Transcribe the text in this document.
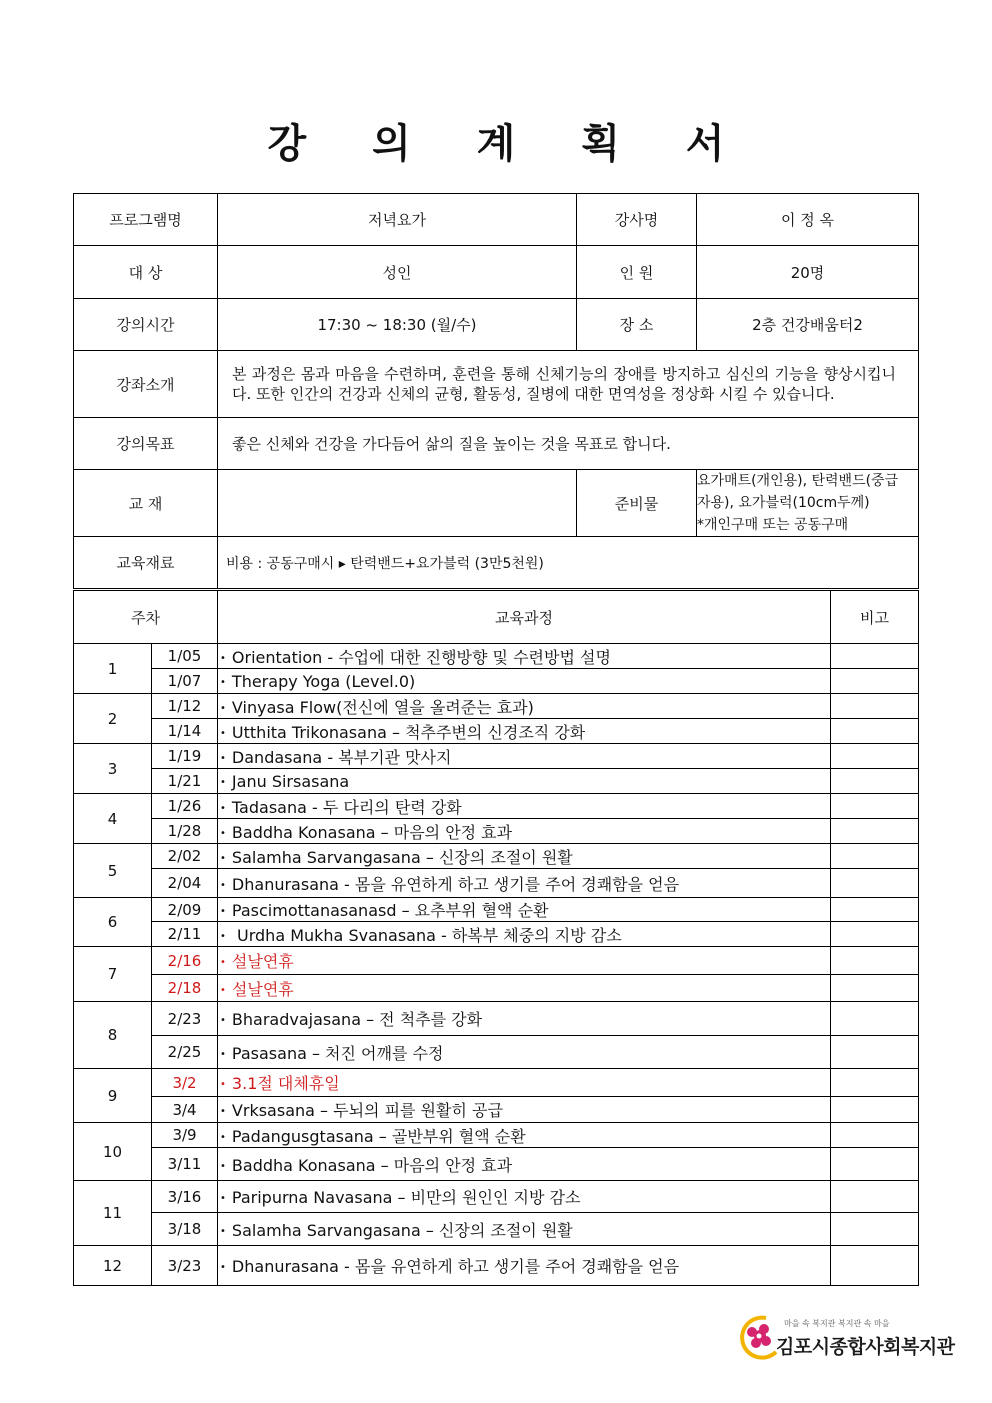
강 의 계 획 서
프로그램명	저녁요가	강사명	이 정 옥
대 상	성인	인 원	20명
강의시간	17:30 ~ 18:30 (월/수)	장 소	2층 건강배움터2
강좌소개	본 과정은 몸과 마음을 수련하며, 훈련을 통해 신체기능의 장애를 방지하고 심신의 기능을 향상시킵니다. 또한 인간의 건강과 신체의 균형, 활동성, 질병에 대한 면역성을 정상화 시킬 수 있습니다.		
강의목표	좋은 신체와 건강을 가다듬어 삶의 질을 높이는 것을 목표로 합니다.		
교 재		준비물	요가매트(개인용), 탄력밴드(중급
자용), 요가블럭(10cm두께)
*개인구매 또는 공동구매

교육재료	비용 : 공동구매시 ▸ 탄력밴드+요가블럭 (3만5천원)		
주차		교육과정	비고
1	1/05	• Orientation - 수업에 대한 진행방향 및 수련방법 설명	
	1/07	• Therapy Yoga (Level.0)	
2	1/12	• Vinyasa Flow(전신에 열을 올려준는 효과)	
	1/14	• Utthita Trikonasana – 척추주변의 신경조직 강화	
3	1/19	• Dandasana - 복부기관 맛사지	
	1/21	• Janu Sirsasana	
4	1/26	• Tadasana - 두 다리의 탄력 강화	
	1/28	• Baddha Konasana – 마음의 안정 효과	
5	2/02	• Salamha Sarvangasana – 신장의 조절이 원활	
	2/04	• Dhanurasana - 몸을 유연하게 하고 생기를 주어 경쾌함을 얻음	
6	2/09	• Pascimottanasanasd – 요추부위 혈액 순환	
	2/11	• Urdha Mukha Svanasana - 하복부 체중의 지방 감소	
7	2/16	• 설날연휴	
	2/18	• 설날연휴	
8	2/23	• Bharadvajasana – 전 척추를 강화	
	2/25	• Pasasana – 처진 어깨를 수정	
9	3/2	• 3.1절 대체휴일	
	3/4	• Vrksasana – 두뇌의 피를 원활히 공급	
10	3/9	• Padangusgtasana – 골반부위 혈액 순환	
	3/11	• Baddha Konasana – 마음의 안정 효과	
11	3/16	• Paripurna Navasana – 비만의 원인인 지방 감소	
	3/18	• Salamha Sarvangasana – 신장의 조절이 원활	
12	3/23	• Dhanurasana - 몸을 유연하게 하고 생기를 주어 경쾌함을 얻음	
마을 속 복지관 복지관 속 마을
김포시종합사회복지관
